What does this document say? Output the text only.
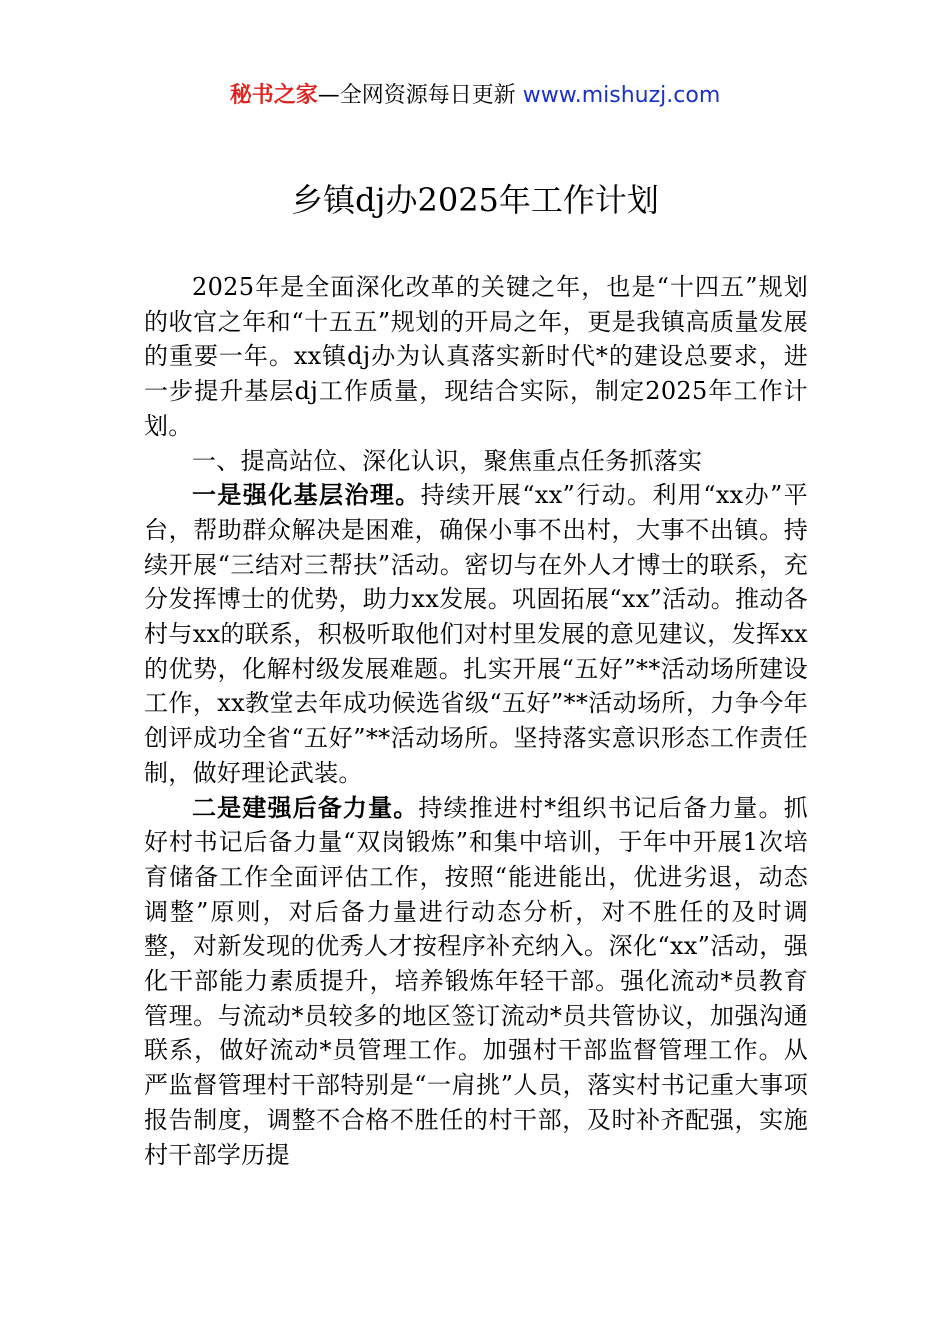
秘书之家—全网资源每日更新 www.mishuzj.com
乡镇dj办2025年工作计划

2025年是全面深化改革的关键之年，也是“十四五”规划的收官之年和“十五五”规划的开局之年，更是我镇高质量发展的重要一年。xx镇dj办为认真落实新时代*的建设总要求，进一步提升基层dj工作质量，现结合实际，制定2025年工作计划。

一、提高站位、深化认识，聚焦重点任务抓落实

一是强化基层治理。持续开展“xx”行动。利用“xx办”平台，帮助群众解决是困难，确保小事不出村，大事不出镇。持续开展“三结对三帮扶”活动。密切与在外人才博士的联系，充分发挥博士的优势，助力xx发展。巩固拓展“xx”活动。推动各村与xx的联系，积极听取他们对村里发展的意见建议，发挥xx的优势，化解村级发展难题。扎实开展“五好”**活动场所建设工作，xx教堂去年成功候选省级“五好”**活动场所，力争今年创评成功全省“五好”**活动场所。坚持落实意识形态工作责任制，做好理论武装。

二是建强后备力量。持续推进村*组织书记后备力量。抓好村书记后备力量“双岗锻炼”和集中培训，于年中开展1次培育储备工作全面评估工作，按照“能进能出，优进劣退，动态调整”原则，对后备力量进行动态分析，对不胜任的及时调整，对新发现的优秀人才按程序补充纳入。深化“xx”活动，强化干部能力素质提升，培养锻炼年轻干部。强化流动*员教育管理。与流动*员较多的地区签订流动*员共管协议，加强沟通联系，做好流动*员管理工作。加强村干部监督管理工作。从严监督管理村干部特别是“一肩挑”人员，落实村书记重大事项报告制度，调整不合格不胜任的村干部，及时补齐配强，实施村干部学历提
